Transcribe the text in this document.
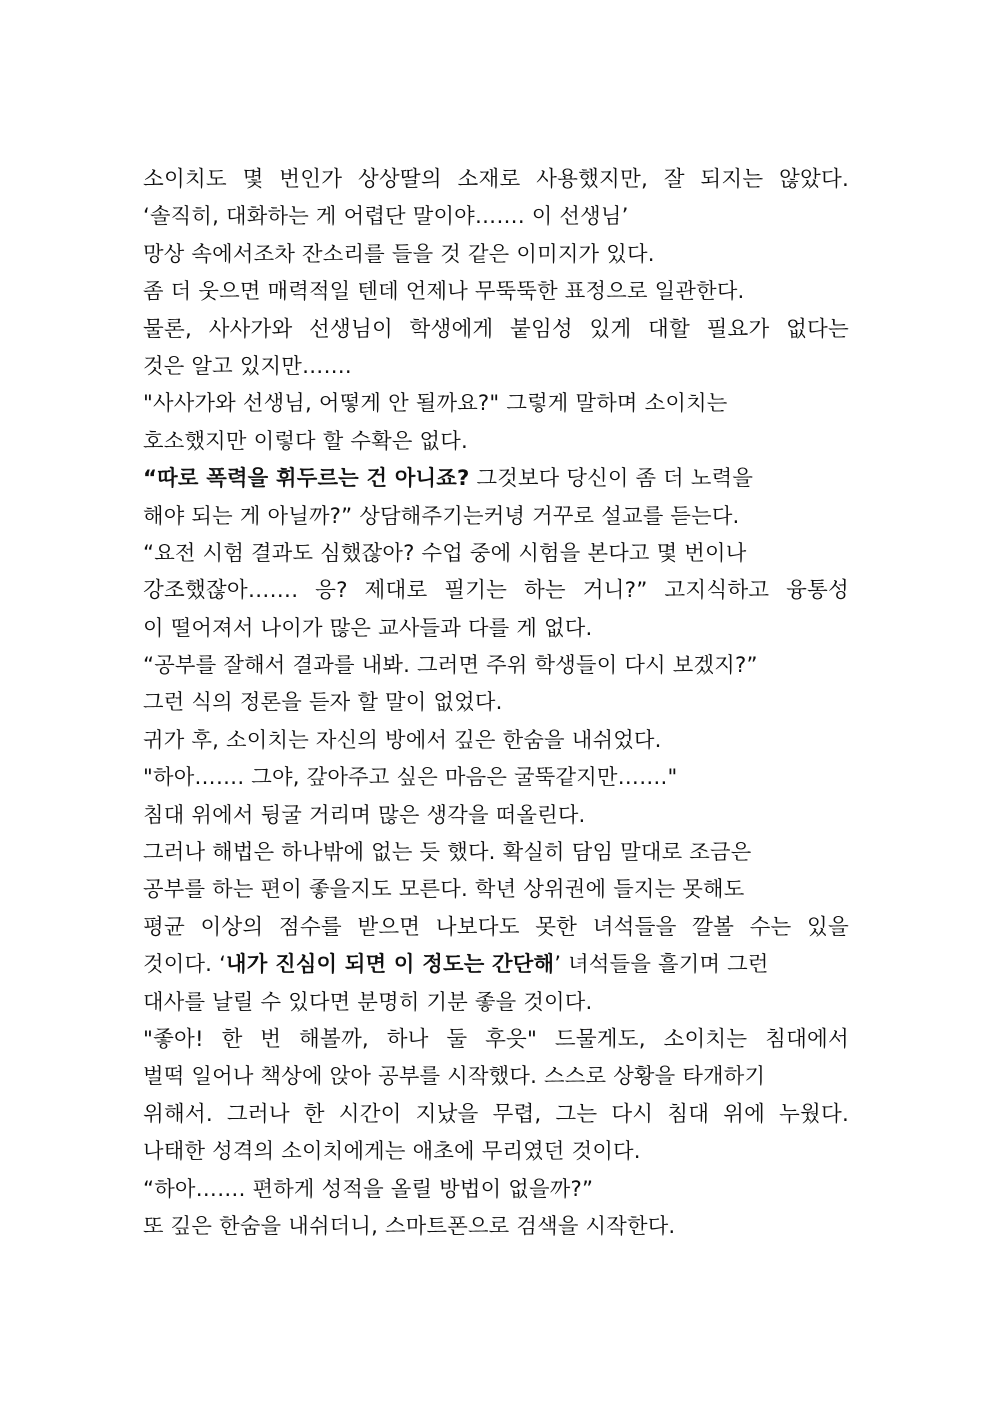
소이치도 몇 번인가 상상딸의 소재로 사용했지만, 잘 되지는 않았다.
‘솔직히, 대화하는 게 어렵단 말이야……. 이 선생님’
망상 속에서조차 잔소리를 들을 것 같은 이미지가 있다.
좀 더 웃으면 매력적일 텐데 언제나 무뚝뚝한 표정으로 일관한다.
물론, 사사가와 선생님이 학생에게 붙임성 있게 대할 필요가 없다는
것은 알고 있지만…….
"사사가와 선생님, 어떻게 안 될까요?" 그렇게 말하며 소이치는
호소했지만 이렇다 할 수확은 없다.
“따로 폭력을 휘두르는 건 아니죠? 그것보다 당신이 좀 더 노력을
해야 되는 게 아닐까?” 상담해주기는커녕 거꾸로 설교를 듣는다.
“요전 시험 결과도 심했잖아? 수업 중에 시험을 본다고 몇 번이나
강조했잖아……. 응? 제대로 필기는 하는 거니?” 고지식하고 융통성
이 떨어져서 나이가 많은 교사들과 다를 게 없다.
“공부를 잘해서 결과를 내봐. 그러면 주위 학생들이 다시 보겠지?”
그런 식의 정론을 듣자 할 말이 없었다.
귀가 후, 소이치는 자신의 방에서 깊은 한숨을 내쉬었다.
"하아……. 그야, 갚아주고 싶은 마음은 굴뚝같지만……."
침대 위에서 뒹굴 거리며 많은 생각을 떠올린다.
그러나 해법은 하나밖에 없는 듯 했다. 확실히 담임 말대로 조금은
공부를 하는 편이 좋을지도 모른다. 학년 상위권에 들지는 못해도
평균 이상의 점수를 받으면 나보다도 못한 녀석들을 깔볼 수는 있을
것이다. ‘내가 진심이 되면 이 정도는 간단해’ 녀석들을 흘기며 그런
대사를 날릴 수 있다면 분명히 기분 좋을 것이다.
"좋아! 한 번 해볼까, 하나 둘 후읏" 드물게도, 소이치는 침대에서
벌떡 일어나 책상에 앉아 공부를 시작했다. 스스로 상황을 타개하기
위해서. 그러나 한 시간이 지났을 무렵, 그는 다시 침대 위에 누웠다.
나태한 성격의 소이치에게는 애초에 무리였던 것이다.
“하아……. 편하게 성적을 올릴 방법이 없을까?”
또 깊은 한숨을 내쉬더니, 스마트폰으로 검색을 시작한다.
